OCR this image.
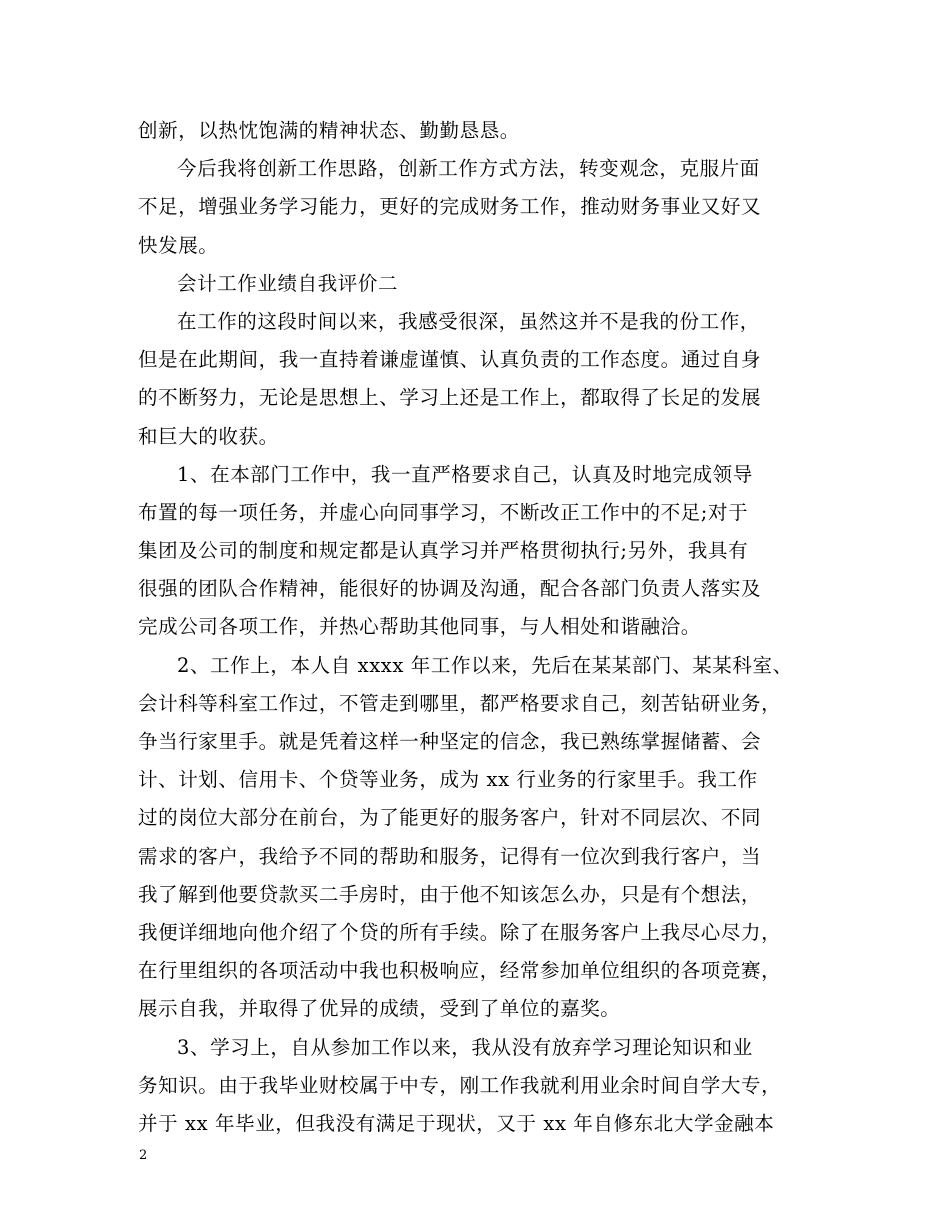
创新，以热忱饱满的精神状态、勤勤恳恳。
今后我将创新工作思路，创新工作方式方法，转变观念，克服片面
不足，增强业务学习能力，更好的完成财务工作，推动财务事业又好又
快发展。
会计工作业绩自我评价二
在工作的这段时间以来，我感受很深，虽然这并不是我的份工作，
但是在此期间，我一直持着谦虚谨慎、认真负责的工作态度。通过自身
的不断努力，无论是思想上、学习上还是工作上，都取得了长足的发展
和巨大的收获。
1、在本部门工作中，我一直严格要求自己，认真及时地完成领导
布置的每一项任务，并虚心向同事学习，不断改正工作中的不足;对于
集团及公司的制度和规定都是认真学习并严格贯彻执行;另外，我具有
很强的团队合作精神，能很好的协调及沟通，配合各部门负责人落实及
完成公司各项工作，并热心帮助其他同事，与人相处和谐融洽。
2、工作上，本人自 xxxx 年工作以来，先后在某某部门、某某科室、
会计科等科室工作过，不管走到哪里，都严格要求自己，刻苦钻研业务，
争当行家里手。就是凭着这样一种坚定的信念，我已熟练掌握储蓄、会
计、计划、信用卡、个贷等业务，成为 xx 行业务的行家里手。我工作
过的岗位大部分在前台，为了能更好的服务客户，针对不同层次、不同
需求的客户，我给予不同的帮助和服务，记得有一位次到我行客户，当
我了解到他要贷款买二手房时，由于他不知该怎么办，只是有个想法，
我便详细地向他介绍了个贷的所有手续。除了在服务客户上我尽心尽力，
在行里组织的各项活动中我也积极响应，经常参加单位组织的各项竞赛，
展示自我，并取得了优异的成绩，受到了单位的嘉奖。
3、学习上，自从参加工作以来，我从没有放弃学习理论知识和业
务知识。由于我毕业财校属于中专，刚工作我就利用业余时间自学大专，
并于 xx 年毕业，但我没有满足于现状，又于 xx 年自修东北大学金融本
2
